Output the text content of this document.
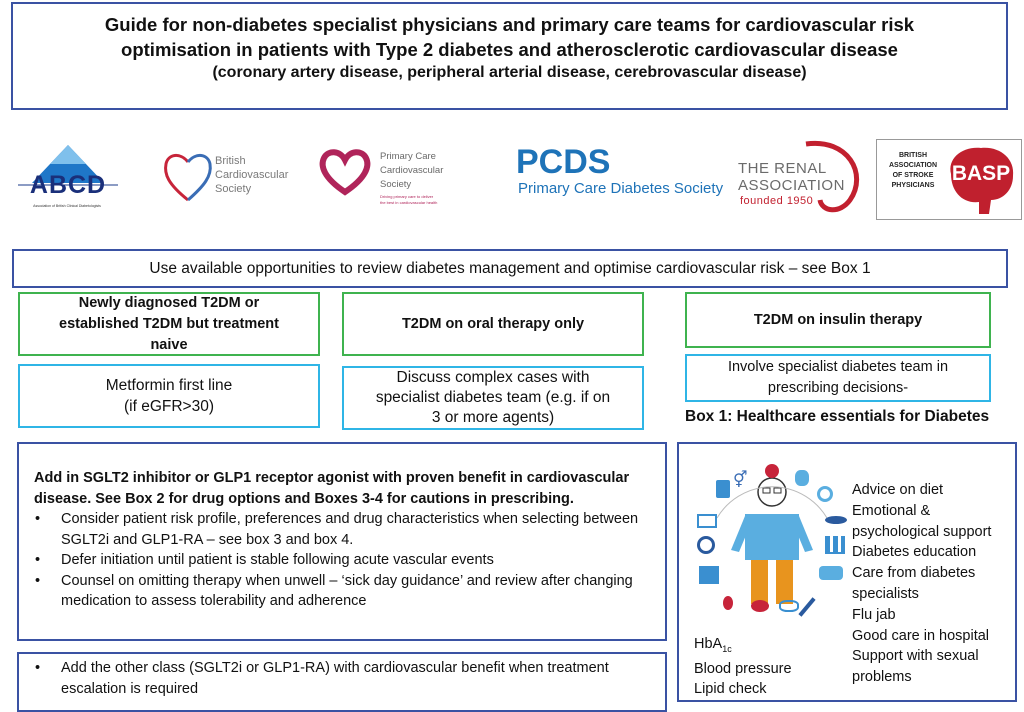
Guide for non-diabetes specialist physicians and primary care teams for cardiovascular risk
optimisation in patients with Type 2 diabetes and atherosclerotic cardiovascular disease
(coronary artery disease, peripheral arterial disease, cerebrovascular disease)
ABCD
Association of British Clinical Diabetologists
British
Cardiovascular
Society
Primary Care
Cardiovascular
Society
Driving primary care to deliver
the best in cardiovascular health
PCDS
Primary Care Diabetes Society
THE RENAL
ASSOCIATION
founded 1950
BRITISH
ASSOCIATION
OF STROKE
PHYSICIANS
BASP
Use available opportunities to review diabetes management and optimise cardiovascular risk – see Box 1
Newly diagnosed T2DM or established T2DM but treatment naive
T2DM on oral therapy only	T2DM on insulin therapy
Metformin first line
(if eGFR>30)
Discuss complex cases with
specialist diabetes team (e.g. if on
3 or more agents)
Involve specialist diabetes team in
prescribing decisions-
Box 1: Healthcare essentials for Diabetes
Add in SGLT2 inhibitor or GLP1 receptor agonist with proven benefit in cardiovascular disease. See Box 2 for drug options and Boxes 3-4 for cautions in prescribing.
• Consider patient risk profile, preferences and drug characteristics when selecting between SGLT2i and GLP1-RA – see box 3 and box 4.
• Defer initiation until patient is stable following acute vascular events
• Counsel on omitting therapy when unwell – ‘sick day guidance’ and review after changing medication to assess tolerability and adherence
• Add the other class (SGLT2i or GLP1-RA) with cardiovascular benefit when treatment escalation is required
⚥
Advice on diet
Emotional &
psychological support
Diabetes education
Care from diabetes
specialists
Flu jab
Good care in hospital
Support with sexual
problems
HbA$_{1c}$
Blood pressure
Lipid check
